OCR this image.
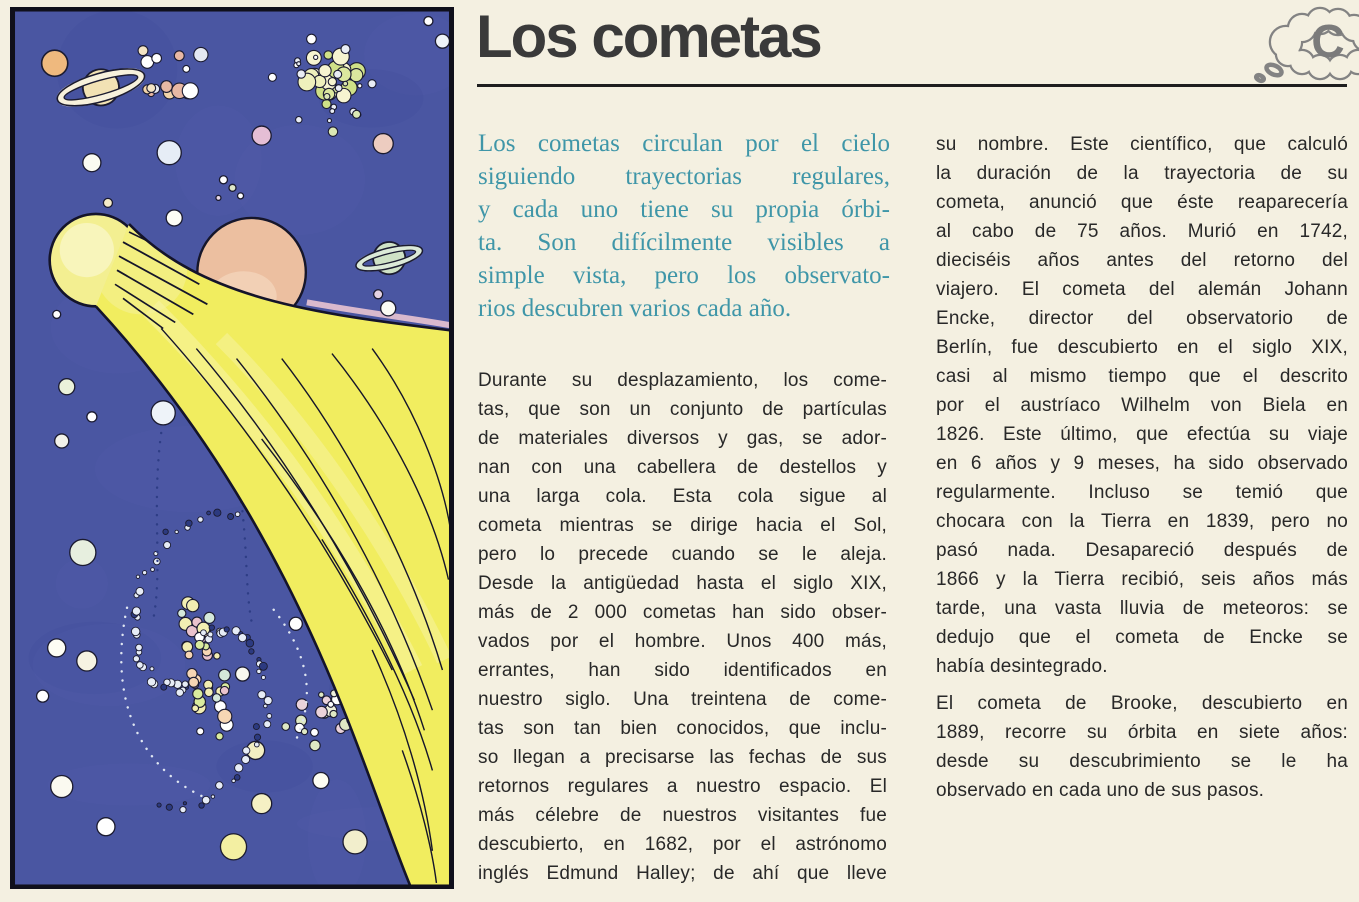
Los cometas	C
Los cometas circulan por el cielo
siguiendo trayectorias regulares,
y cada uno tiene su propia órbi-
ta. Son difícilmente visibles a
simple vista, pero los observato-
rios descubren varios cada año.
Durante su desplazamiento, los come-
tas, que son un conjunto de partículas
de materiales diversos y gas, se ador-
nan con una cabellera de destellos y
una larga cola. Esta cola sigue al
cometa mientras se dirige hacia el Sol,
pero lo precede cuando se le aleja.
Desde la antigüedad hasta el siglo XIX,
más de 2 000 cometas han sido obser-
vados por el hombre. Unos 400 más,
errantes, han sido identificados en
nuestro siglo. Una treintena de come-
tas son tan bien conocidos, que inclu-
so llegan a precisarse las fechas de sus
retornos regulares a nuestro espacio. El
más célebre de nuestros visitantes fue
descubierto, en 1682, por el astrónomo
inglés Edmund Halley; de ahí que lleve
su nombre. Este científico, que calculó
la duración de la trayectoria de su
cometa, anunció que éste reaparecería
al cabo de 75 años. Murió en 1742,
dieciséis años antes del retorno del
viajero. El cometa del alemán Johann
Encke, director del observatorio de
Berlín, fue descubierto en el siglo XIX,
casi al mismo tiempo que el descrito
por el austríaco Wilhelm von Biela en
1826. Este último, que efectúa su viaje
en 6 años y 9 meses, ha sido observado
regularmente. Incluso se temió que
chocara con la Tierra en 1839, pero no
pasó nada. Desapareció después de
1866 y la Tierra recibió, seis años más
tarde, una vasta lluvia de meteoros: se
dedujo que el cometa de Encke se
había desintegrado.
El cometa de Brooke, descubierto en
1889, recorre su órbita en siete años:
desde su descubrimiento se le ha
observado en cada uno de sus pasos.
